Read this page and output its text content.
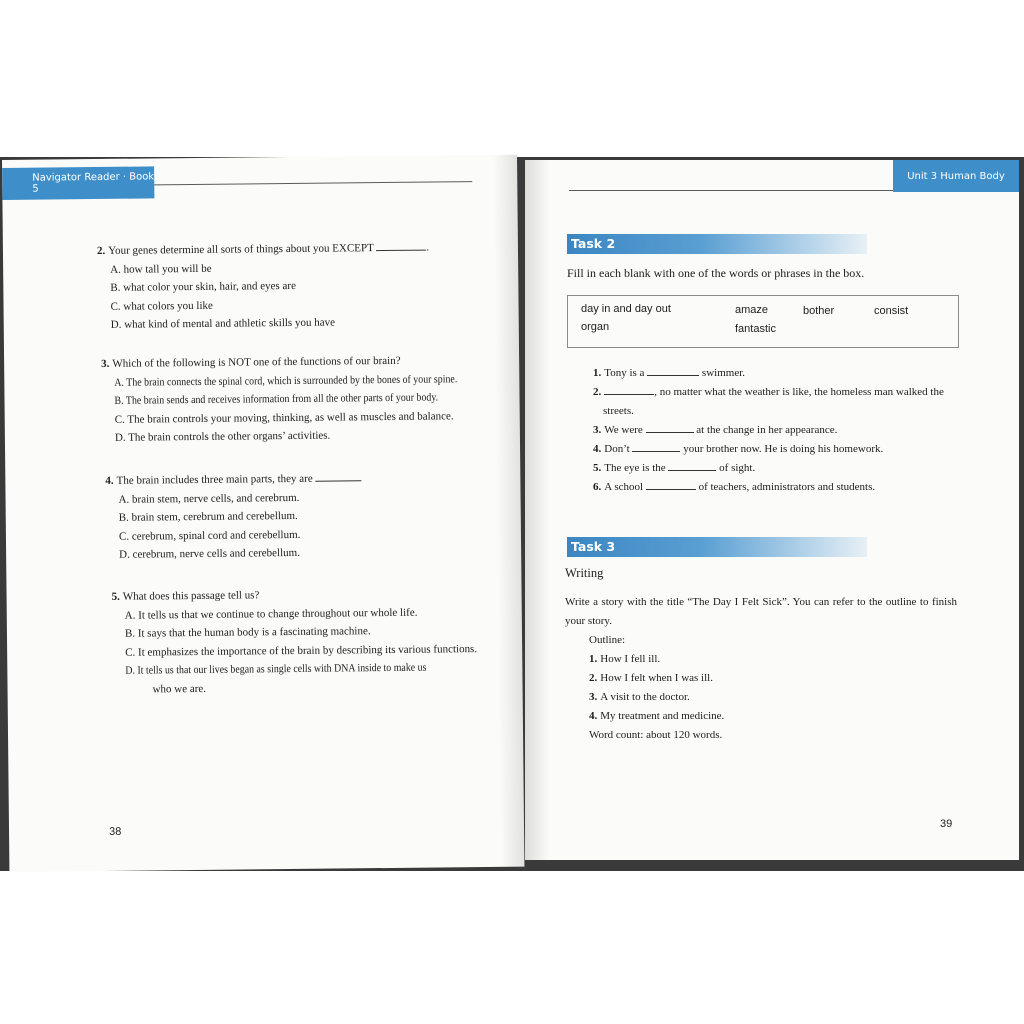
Navigator Reader · Book 5
2. Your genes determine all sorts of things about you EXCEPT	.
A. how tall you will be
B. what color your skin, hair, and eyes are
C. what colors you like
D. what kind of mental and athletic skills you have
3. Which of the following is NOT one of the functions of our brain?
A. The brain connects the spinal cord, which is surrounded by the bones of your spine.
B. The brain sends and receives information from all the other parts of your body.
C. The brain controls your moving, thinking, as well as muscles and balance.
D. The brain controls the other organs’ activities.
4. The brain includes three main parts, they are
A. brain stem, nerve cells, and cerebrum.
B. brain stem, cerebrum and cerebellum.
C. cerebrum, spinal cord and cerebellum.
D. cerebrum, nerve cells and cerebellum.
5. What does this passage tell us?
A. It tells us that we continue to change throughout our whole life.
B. It says that the human body is a fascinating machine.
C. It emphasizes the importance of the brain by describing its various functions.
D. It tells us that our lives began as single cells with DNA inside to make us
who we are.
38
Unit 3 Human Body
Task 2
Fill in each blank with one of the words or phrases in the box.
day in and day out	amaze	bother	consist
organ	fantastic
1. Tony is a	swimmer.
2.	, no matter what the weather is like, the homeless man walked the
streets.
3. We were	at the change in her appearance.
4. Don’t	your brother now. He is doing his homework.
5. The eye is the	of sight.
6. A school	of teachers, administrators and students.
Task 3
Writing
Write a story with the title “The Day I Felt Sick”. You can refer to the outline to finish your story.
Outline:
1. How I fell ill.
2. How I felt when I was ill.
3. A visit to the doctor.
4. My treatment and medicine.
Word count: about 120 words.
39
